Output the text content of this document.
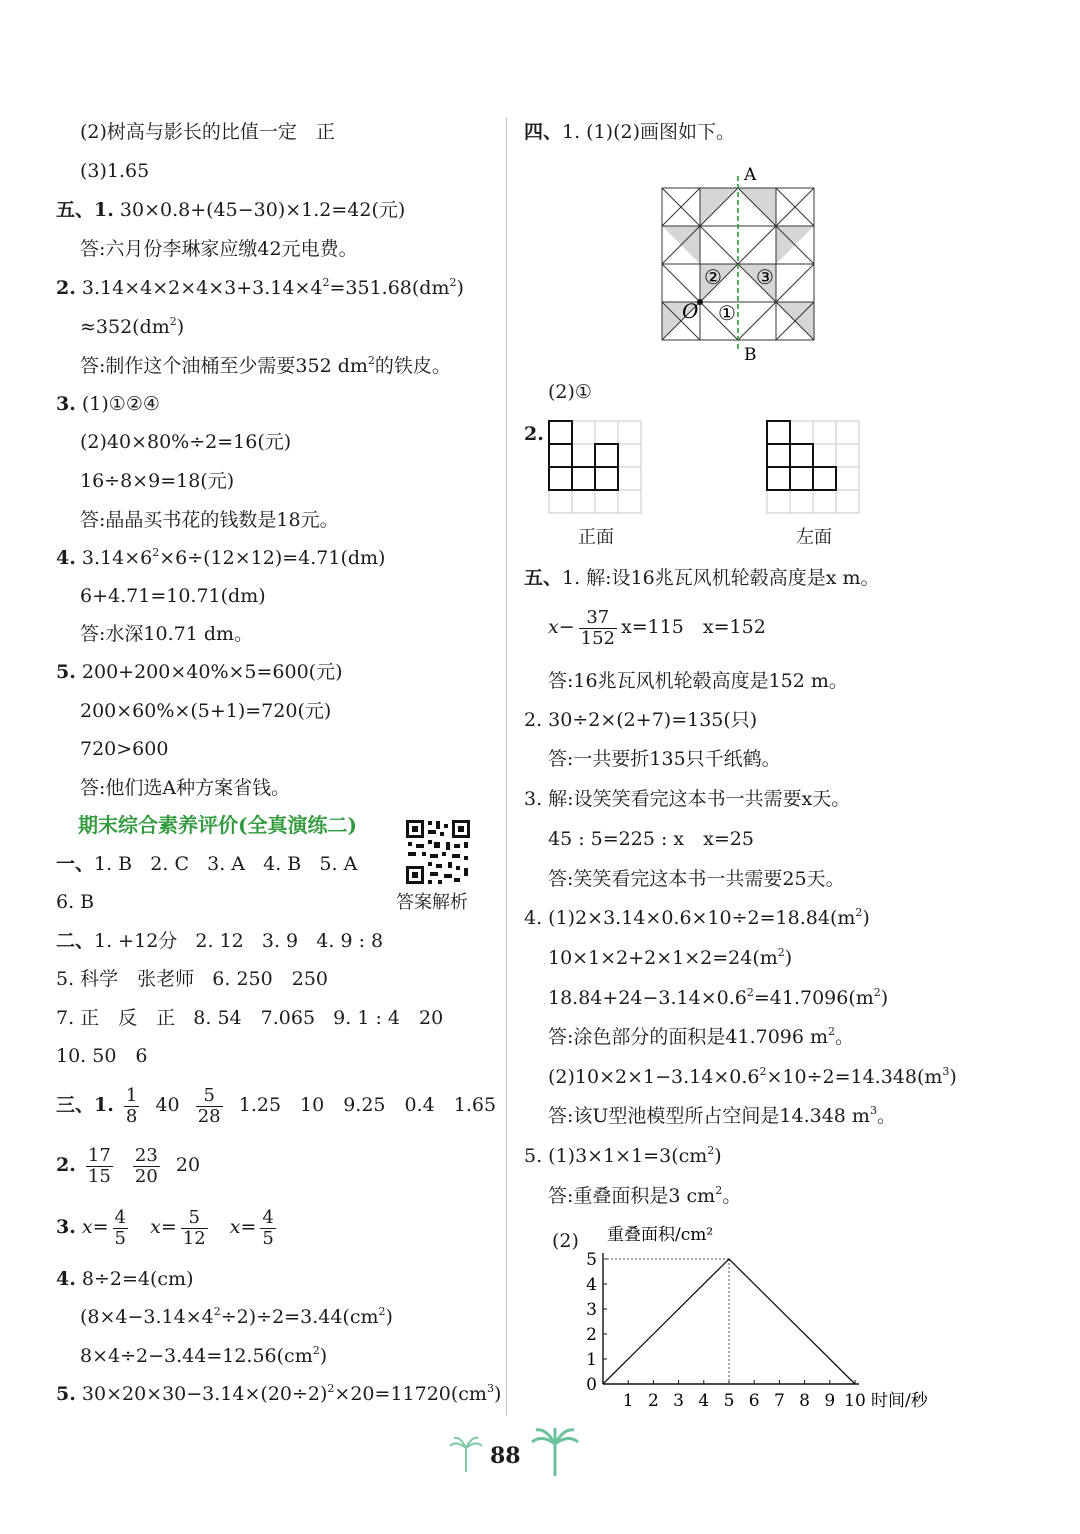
(2)树高与影长的比值一定　正
(3)1.65
五、1. 30×0.8+(45−30)×1.2=42(元)
答:六月份李琳家应缴42元电费。
2. $3.14\times 4\times 2\times 4\times 3+3.14\times 4^2=351.68(dm^2)$
$\approx 352(dm^2)$
答:制作这个油桶至少需要352 $dm^2$的铁皮。
3. (1)①②④
(2)40×80%÷2=16(元)
16÷8×9=18(元)
答:晶晶买书花的钱数是18元。
4. $3.14\times 6^2\times 6\div(12\times 12)=4.71(dm)$
6+4.71=10.71(dm)
答:水深10.71 dm。
5. 200+200×40%×5=600(元)
200×60%×(5+1)=720(元)
720>600
答:他们选A种方案省钱。
期末综合素养评价(全真演练二)
答案解析
一、1. B 2. C 3. A 4. B 5. A
6. B
二、1. +12分 2. 12 3. 9 4. 9 : 8
5. 科学　张老师 6. 250　250
7. 正　反　正 8. 54　7.065 9. 1 : 4　20
10. 50　6
三、1. $\frac{1}{8} 40 \frac{5}{28} 1.25$　10　9.25　0.4　1.65
2. $\frac{17}{15}$
$\frac{23}{20} 20$
3. $x= \frac{4}{5} x= \frac{5}{12} x= \frac{4}{5}$
4. 8÷2=4(cm)
$(8\times 4-3.14\times 4^2\div 2)\div 2=3.44(cm^2)$
$8\times 4\div 2-3.44=12.56(cm^2)$
5. $30\times 20\times 30-3.14\times(20\div 2)^2\times 20=11720(cm^3)$
四、1. (1)(2)画图如下。
A
B
O
② ③
①
(2)①
2.
正面	左面
五、1. 解:设16兆瓦风机轮毂高度是x m。
$x- \frac{37}{152} x=115$　x=152
答:16兆瓦风机轮毂高度是152 m。
2. 30÷2×(2+7)=135(只)
答:一共要折135只千纸鹤。
3. 解:设笑笑看完这本书一共需要x天。
45 : 5=225 : x　x=25
答:笑笑看完这本书一共需要25天。
4. $(1)2\times 3.14\times 0.6\times 10\div 2=18.84(m^2)$
$10\times 1\times 2+2\times 1\times 2=24(m^2)$
$18.84+24-3.14\times 0.6^2=41.7096(m^2)$
答:涂色部分的面积是41.7096 $m^2$。
$(2)10\times 2\times 1-3.14\times 0.6^2\times 10\div 2=14.348(m^3)$
答:该U型池模型所占空间是14.348 $m^3$。
5. $(1)3\times 1\times 1=3(cm^2)$
答:重叠面积是3 $cm^2$。
(2)
1 2 3 4 5 6 7 8 9 10
0
1
2
3
4
5
重叠面积/cm²
时间/秒
88
